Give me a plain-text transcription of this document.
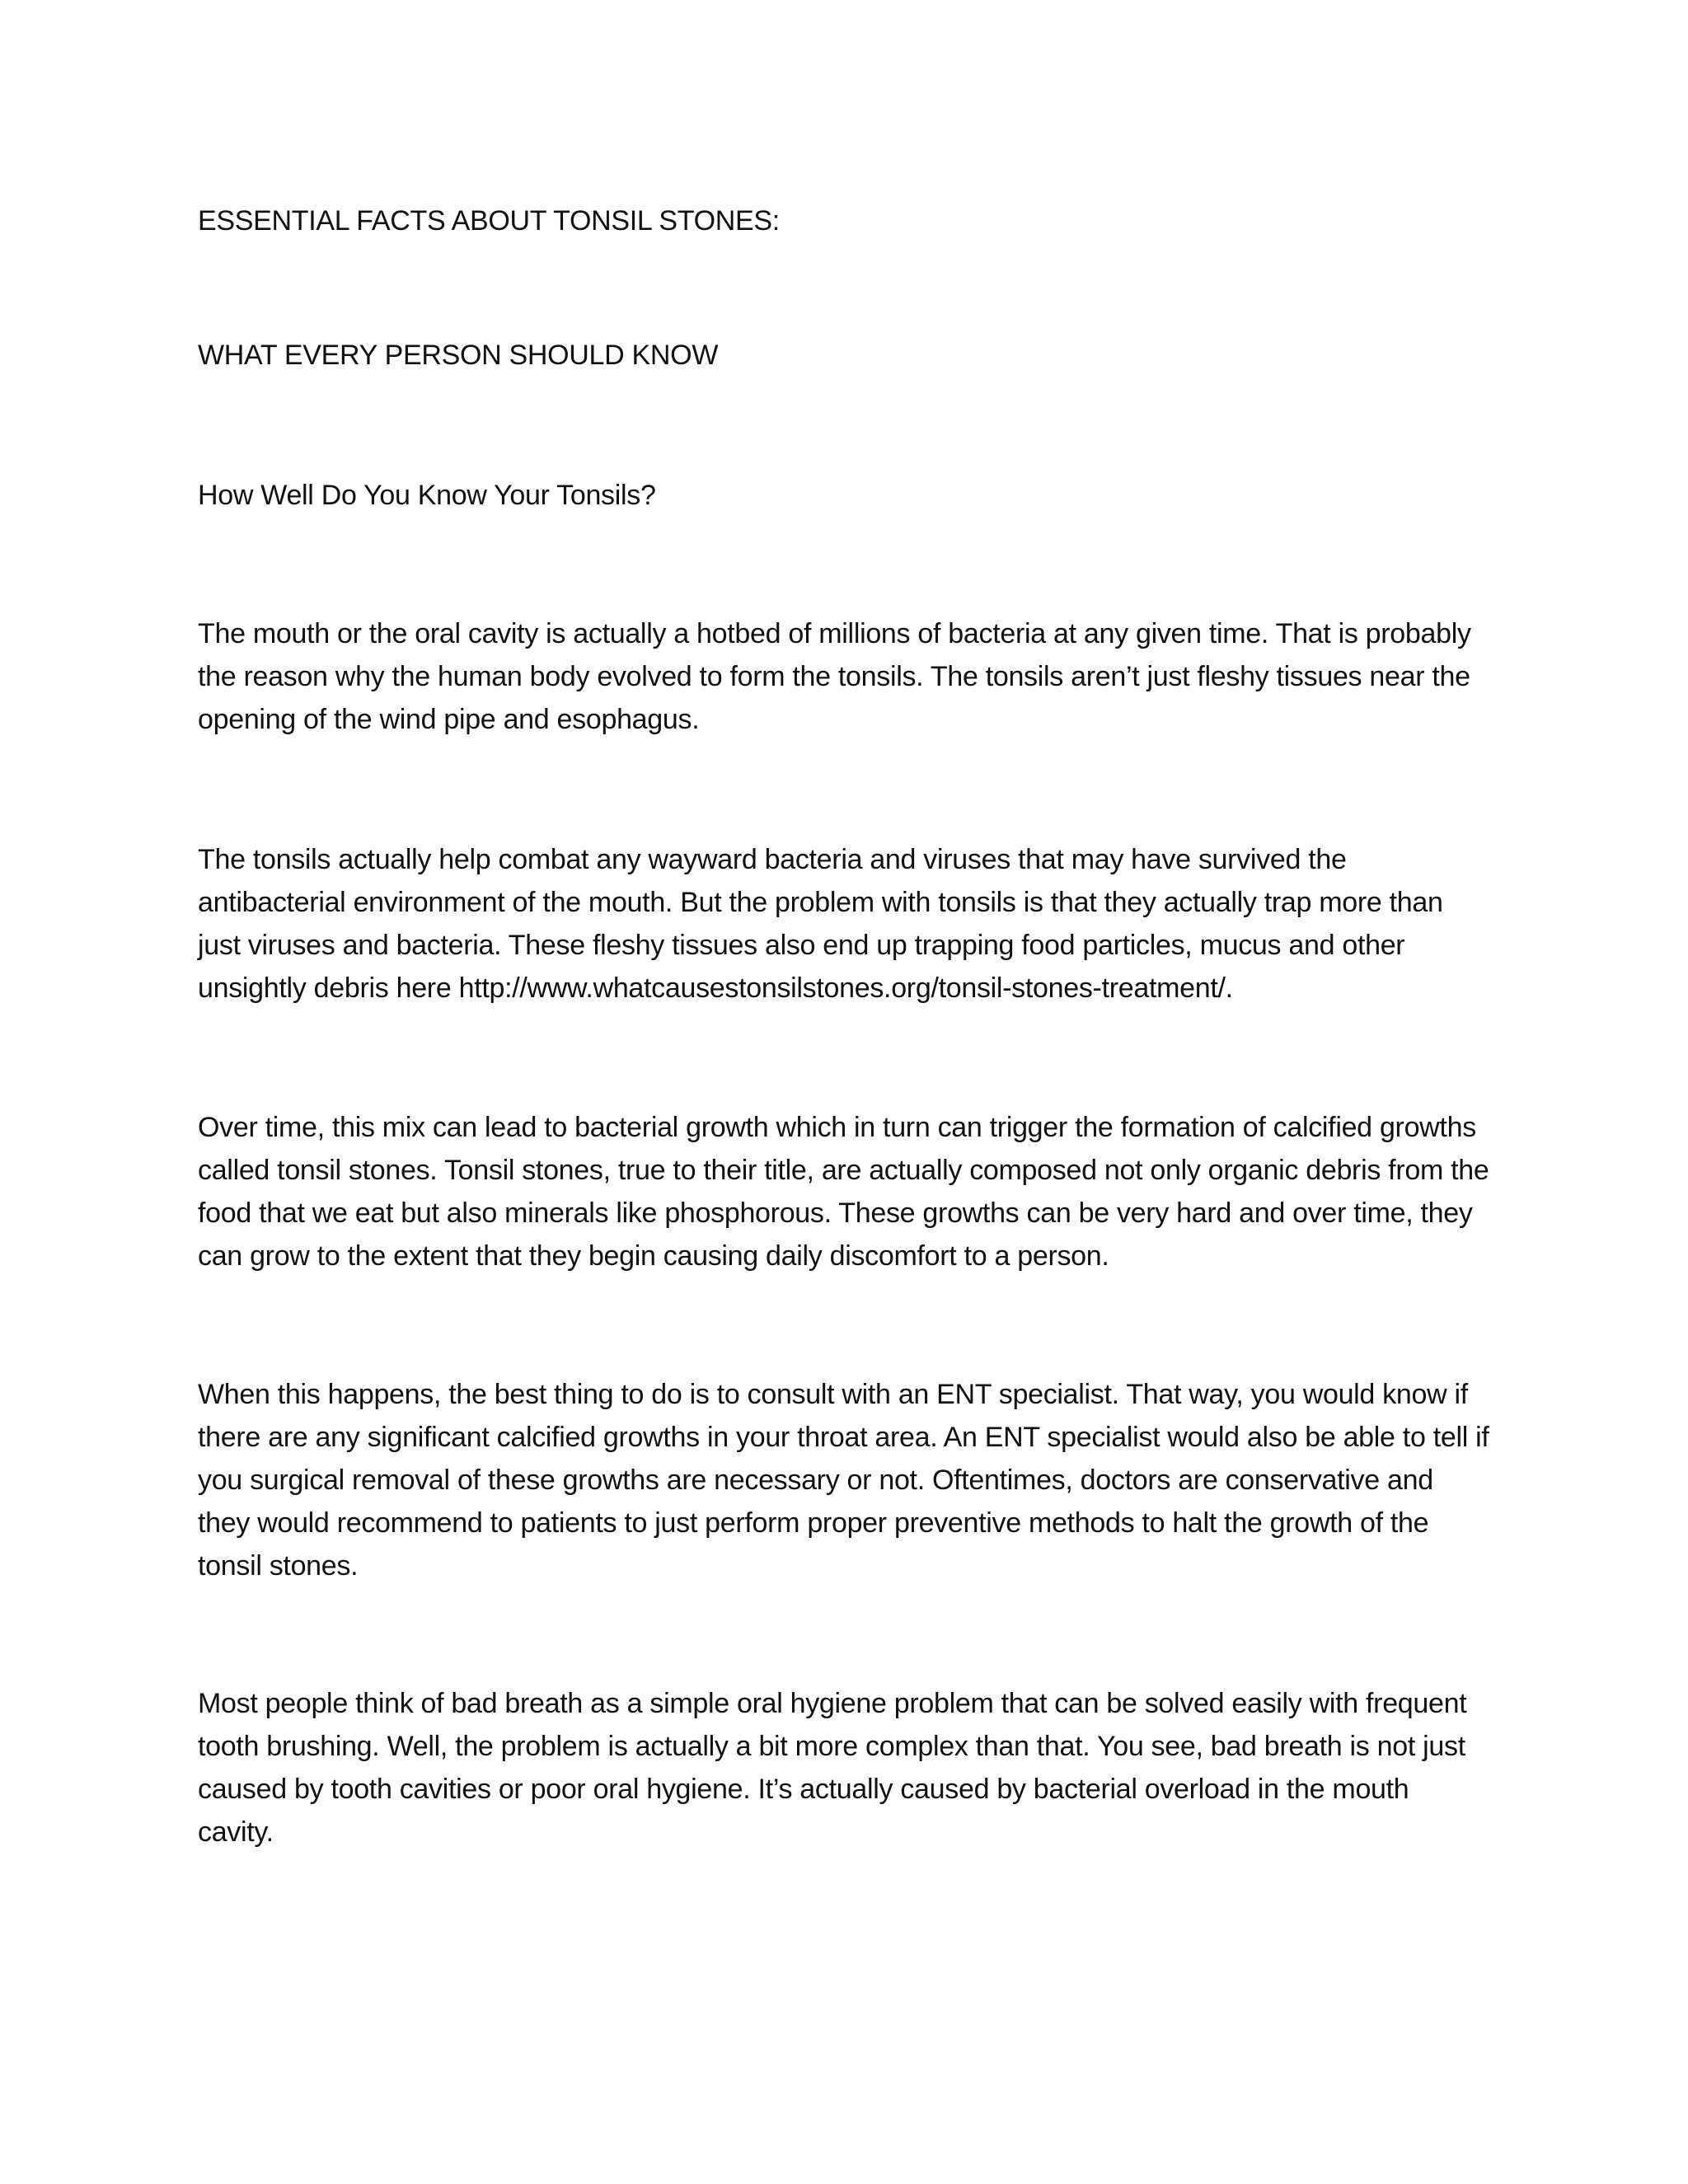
ESSENTIAL FACTS ABOUT TONSIL STONES:

WHAT EVERY PERSON SHOULD KNOW

How Well Do You Know Your Tonsils?

The mouth or the oral cavity is actually a hotbed of millions of bacteria at any given time. That is probably the reason why the human body evolved to form the tonsils. The tonsils aren’t just fleshy tissues near the opening of the wind pipe and esophagus.

The tonsils actually help combat any wayward bacteria and viruses that may have survived the antibacterial environment of the mouth. But the problem with tonsils is that they actually trap more than just viruses and bacteria. These fleshy tissues also end up trapping food particles, mucus and other unsightly debris here http://www.whatcausestonsilstones.org/tonsil-stones-treatment/.

Over time, this mix can lead to bacterial growth which in turn can trigger the formation of calcified growths called tonsil stones. Tonsil stones, true to their title, are actually composed not only organic debris from the food that we eat but also minerals like phosphorous. These growths can be very hard and over time, they can grow to the extent that they begin causing daily discomfort to a person.

When this happens, the best thing to do is to consult with an ENT specialist. That way, you would know if there are any significant calcified growths in your throat area. An ENT specialist would also be able to tell if you surgical removal of these growths are necessary or not. Oftentimes, doctors are conservative and they would recommend to patients to just perform proper preventive methods to halt the growth of the tonsil stones.

Most people think of bad breath as a simple oral hygiene problem that can be solved easily with frequent tooth brushing. Well, the problem is actually a bit more complex than that. You see, bad breath is not just caused by tooth cavities or poor oral hygiene. It’s actually caused by bacterial overload in the mouth cavity.
